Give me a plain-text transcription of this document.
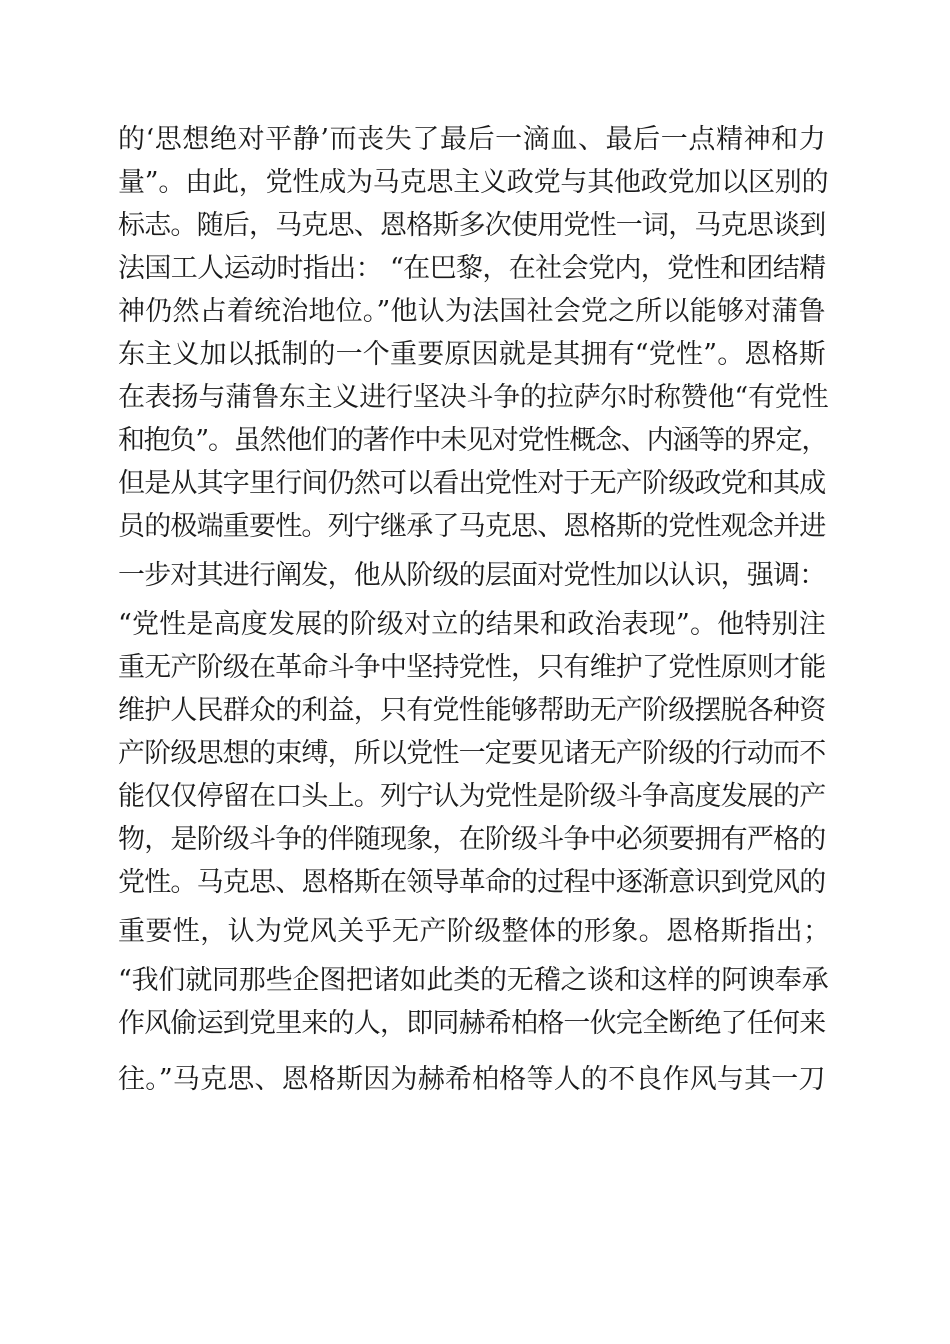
的‘思想绝对平静’而丧失了最后一滴血、最后一点精神和力
量”。由此，党性成为马克思主义政党与其他政党加以区别的
标志。随后，马克思、恩格斯多次使用党性一词，马克思谈到
法国工人运动时指出： “在巴黎，在社会党内，党性和团结精
神仍然占着统治地位。”他认为法国社会党之所以能够对蒲鲁
东主义加以抵制的一个重要原因就是其拥有“党性”。恩格斯
在表扬与蒲鲁东主义进行坚决斗争的拉萨尔时称赞他“有党性
和抱负”。虽然他们的著作中未见对党性概念、内涵等的界定，
但是从其字里行间仍然可以看出党性对于无产阶级政党和其成
员的极端重要性。列宁继承了马克思、恩格斯的党性观念并进
一步对其进行阐发，他从阶级的层面对党性加以认识，强调：
“党性是高度发展的阶级对立的结果和政治表现”。他特别注
重无产阶级在革命斗争中坚持党性，只有维护了党性原则才能
维护人民群众的利益，只有党性能够帮助无产阶级摆脱各种资
产阶级思想的束缚，所以党性一定要见诸无产阶级的行动而不
能仅仅停留在口头上。列宁认为党性是阶级斗争高度发展的产
物，是阶级斗争的伴随现象，在阶级斗争中必须要拥有严格的
党性。马克思、恩格斯在领导革命的过程中逐渐意识到党风的
重要性，认为党风关乎无产阶级整体的形象。恩格斯指出；
“我们就同那些企图把诸如此类的无稽之谈和这样的阿谀奉承
作风偷运到党里来的人，即同赫希柏格一伙完全断绝了任何来
往。”马克思、恩格斯因为赫希柏格等人的不良作风与其一刀
